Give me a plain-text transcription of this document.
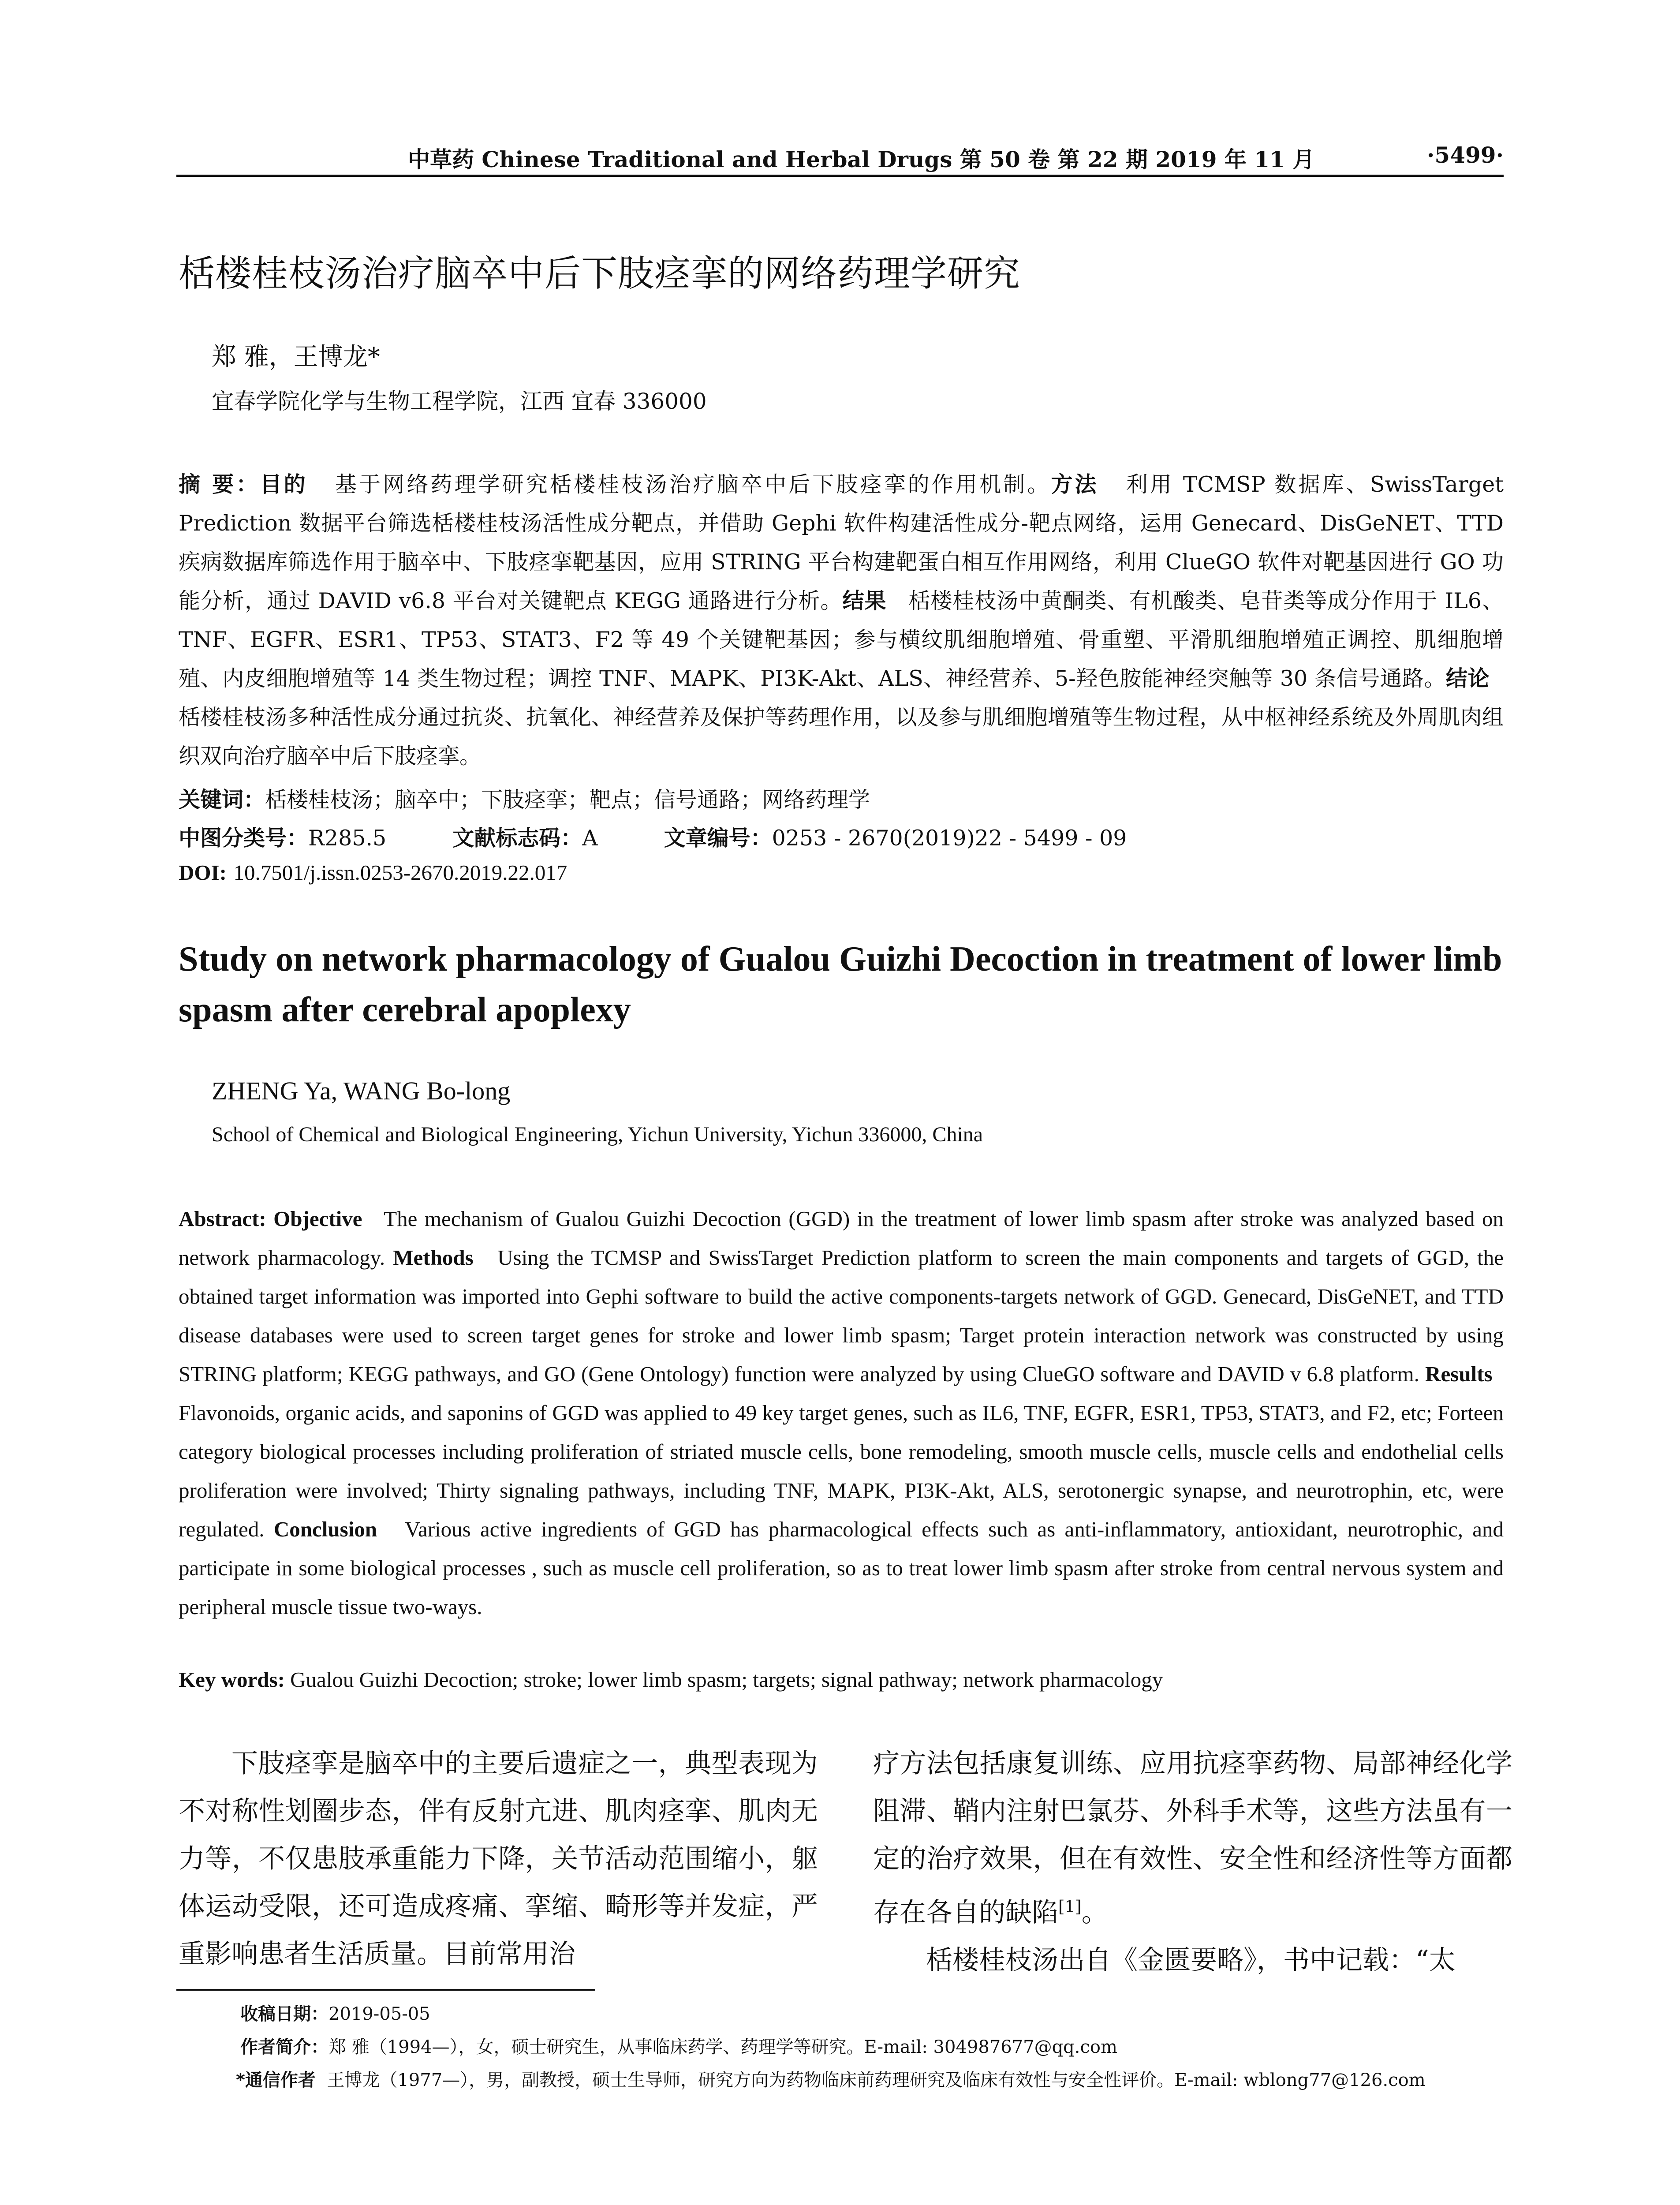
中草药 Chinese Traditional and Herbal Drugs 第 50 卷 第 22 期 2019 年 11 月	·5499·
栝楼桂枝汤治疗脑卒中后下肢痉挛的网络药理学研究
郑 雅，王博龙*
宜春学院化学与生物工程学院，江西 宜春 336000
摘 要：目的 基于网络药理学研究栝楼桂枝汤治疗脑卒中后下肢痉挛的作用机制。方法 利用 TCMSP 数据库、SwissTarget Prediction 数据平台筛选栝楼桂枝汤活性成分靶点，并借助 Gephi 软件构建活性成分-靶点网络，运用 Genecard、DisGeNET、TTD 疾病数据库筛选作用于脑卒中、下肢痉挛靶基因，应用 STRING 平台构建靶蛋白相互作用网络，利用 ClueGO 软件对靶基因进行 GO 功能分析，通过 DAVID v6.8 平台对关键靶点 KEGG 通路进行分析。结果 栝楼桂枝汤中黄酮类、有机酸类、皂苷类等成分作用于 IL6、TNF、EGFR、ESR1、TP53、STAT3、F2 等 49 个关键靶基因；参与横纹肌细胞增殖、骨重塑、平滑肌细胞增殖正调控、肌细胞增殖、内皮细胞增殖等 14 类生物过程；调控 TNF、MAPK、PI3K-Akt、ALS、神经营养、5-羟色胺能神经突触等 30 条信号通路。结论   栝楼桂枝汤多种活性成分通过抗炎、抗氧化、神经营养及保护等药理作用，以及参与肌细胞增殖等生物过程，从中枢神经系统及外周肌肉组织双向治疗脑卒中后下肢痉挛。
关键词：栝楼桂枝汤；脑卒中；下肢痉挛；靶点；信号通路；网络药理学
中图分类号：R285.5	文献标志码：A	文章编号：0253 - 2670(2019)22 - 5499 - 09
DOI: 10.7501/j.issn.0253-2670.2019.22.017
Study on network pharmacology of Gualou Guizhi Decoction in treatment of lower limb spasm after cerebral apoplexy
ZHENG Ya, WANG Bo-long
School of Chemical and Biological Engineering, Yichun University, Yichun 336000, China
Abstract: Objective The mechanism of Gualou Guizhi Decoction (GGD) in the treatment of lower limb spasm after stroke was analyzed based on network pharmacology. Methods Using the TCMSP and SwissTarget Prediction platform to screen the main components and targets of GGD, the obtained target information was imported into Gephi software to build the active components-targets network of GGD. Genecard, DisGeNET, and TTD disease databases were used to screen target genes for stroke and lower limb spasm; Target protein interaction network was constructed by using STRING platform; KEGG pathways, and GO (Gene Ontology) function were analyzed by using ClueGO software and DAVID v 6.8 platform. Results   Flavonoids, organic acids, and saponins of GGD was applied to 49 key target genes, such as IL6, TNF, EGFR, ESR1, TP53, STAT3, and F2, etc; Forteen category biological processes including proliferation of striated muscle cells, bone remodeling, smooth muscle cells, muscle cells and endothelial cells proliferation were involved; Thirty signaling pathways, including TNF, MAPK, PI3K-Akt, ALS, serotonergic synapse, and neurotrophin, etc, were regulated. Conclusion Various active ingredients of GGD has pharmacological effects such as anti-inflammatory, antioxidant, neurotrophic, and participate in some biological processes , such as muscle cell proliferation, so as to treat lower limb spasm after stroke from central nervous system and peripheral muscle tissue two-ways.
Key words: Gualou Guizhi Decoction; stroke; lower limb spasm; targets; signal pathway; network pharmacology
下肢痉挛是脑卒中的主要后遗症之一，典型表现为不对称性划圈步态，伴有反射亢进、肌肉痉挛、肌肉无力等，不仅患肢承重能力下降，关节活动范围缩小，躯体运动受限，还可造成疼痛、挛缩、畸形等并发症，严重影响患者生活质量。目前常用治
疗方法包括康复训练、应用抗痉挛药物、局部神经化学阻滞、鞘内注射巴氯芬、外科手术等，这些方法虽有一定的治疗效果，但在有效性、安全性和经济性等方面都存在各自的缺陷[1]。
栝楼桂枝汤出自《金匮要略》，书中记载：“太
收稿日期：2019-05-05
作者简介：郑 雅（1994—），女，硕士研究生，从事临床药学、药理学等研究。E-mail: 304987677@qq.com
*通信作者 王博龙（1977—），男，副教授，硕士生导师，研究方向为药物临床前药理研究及临床有效性与安全性评价。E-mail: wblong77@126.com
